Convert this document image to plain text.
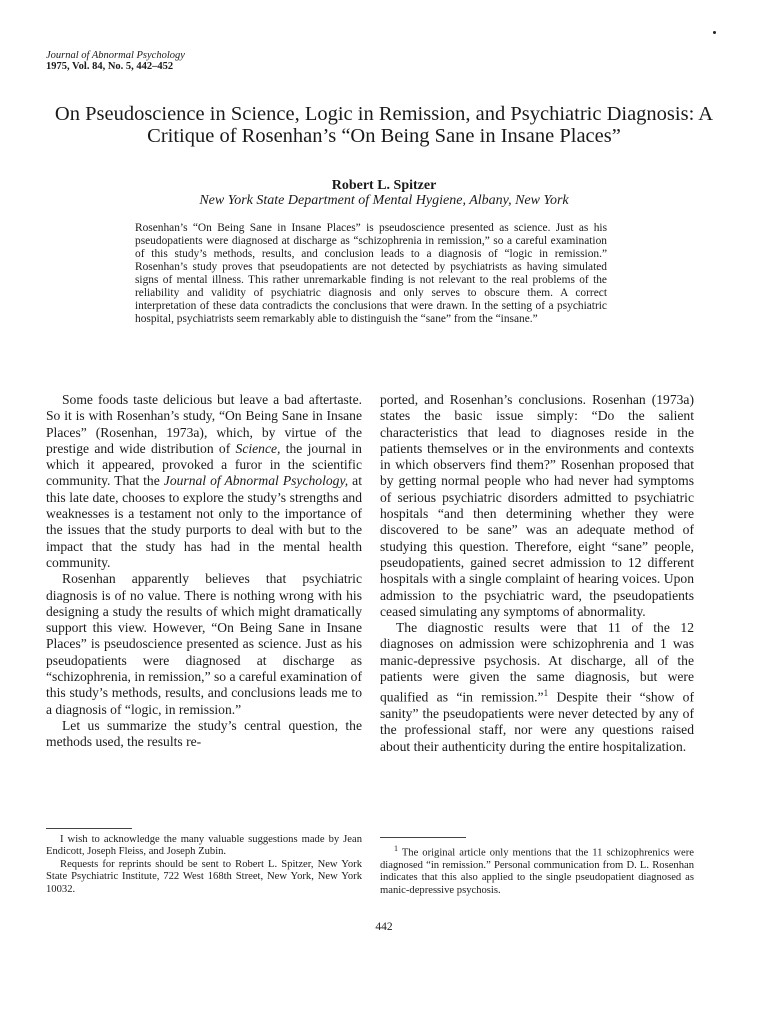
Journal of Abnormal Psychology
1975, Vol. 84, No. 5, 442–452
On Pseudoscience in Science, Logic in Remission, and Psychiatric Diagnosis: A Critique of Rosenhan’s “On Being Sane in Insane Places”
Robert L. Spitzer
New York State Department of Mental Hygiene, Albany, New York

Rosenhan’s “On Being Sane in Insane Places” is pseudoscience presented as science. Just as his pseudopatients were diagnosed at discharge as “schizophrenia in remission,” so a careful examination of this study’s methods, results, and conclusion leads to a diagnosis of “logic in remission.” Rosenhan’s study proves that pseudopatients are not detected by psychiatrists as having simulated signs of mental illness. This rather unremarkable finding is not relevant to the real problems of the reliability and validity of psychiatric diagnosis and only serves to obscure them. A correct interpretation of these data contradicts the conclusions that were drawn. In the setting of a psychiatric hospital, psychiatrists seem remarkably able to distinguish the “sane” from the “insane.”

Some foods taste delicious but leave a bad aftertaste. So it is with Rosenhan’s study, “On Being Sane in Insane Places” (Rosenhan, 1973a), which, by virtue of the prestige and wide distribution of Science, the journal in which it appeared, provoked a furor in the scientific community. That the Journal of Abnormal Psychology, at this late date, chooses to explore the study’s strengths and weaknesses is a testament not only to the importance of the issues that the study purports to deal with but to the impact that the study has had in the mental health community.

Rosenhan apparently believes that psychiatric diagnosis is of no value. There is nothing wrong with his designing a study the results of which might dramatically support this view. However, “On Being Sane in Insane Places” is pseudoscience presented as science. Just as his pseudopatients were diagnosed at discharge as “schizophrenia, in remission,” so a careful examination of this study’s methods, results, and conclusions leads me to a diagnosis of “logic, in remission.”

Let us summarize the study’s central question, the methods used, the results re-

ported, and Rosenhan’s conclusions. Rosenhan (1973a) states the basic issue simply: “Do the salient characteristics that lead to diagnoses reside in the patients themselves or in the environments and contexts in which observers find them?” Rosenhan proposed that by getting normal people who had never had symptoms of serious psychiatric disorders admitted to psychiatric hospitals “and then determining whether they were discovered to be sane” was an adequate method of studying this question. Therefore, eight “sane” people, pseudopatients, gained secret admission to 12 different hospitals with a single complaint of hearing voices. Upon admission to the psychiatric ward, the pseudopatients ceased simulating any symptoms of abnormality.

The diagnostic results were that 11 of the 12 diagnoses on admission were schizophrenia and 1 was manic-depressive psychosis. At discharge, all of the patients were given the same diagnosis, but were qualified as “in remission.”$^1$ Despite their “show of sanity” the pseudopatients were never detected by any of the professional staff, nor were any questions raised about their authenticity during the entire hospitalization.

I wish to acknowledge the many valuable suggestions made by Jean Endicott, Joseph Fleiss, and Joseph Zubin.

Requests for reprints should be sent to Robert L. Spitzer, New York State Psychiatric Institute, 722 West 168th Street, New York, New York 10032.

$^1$ The original article only mentions that the 11 schizophrenics were diagnosed “in remission.” Personal communication from D. L. Rosenhan indicates that this also applied to the single pseudopatient diagnosed as manic-depressive psychosis.

442
